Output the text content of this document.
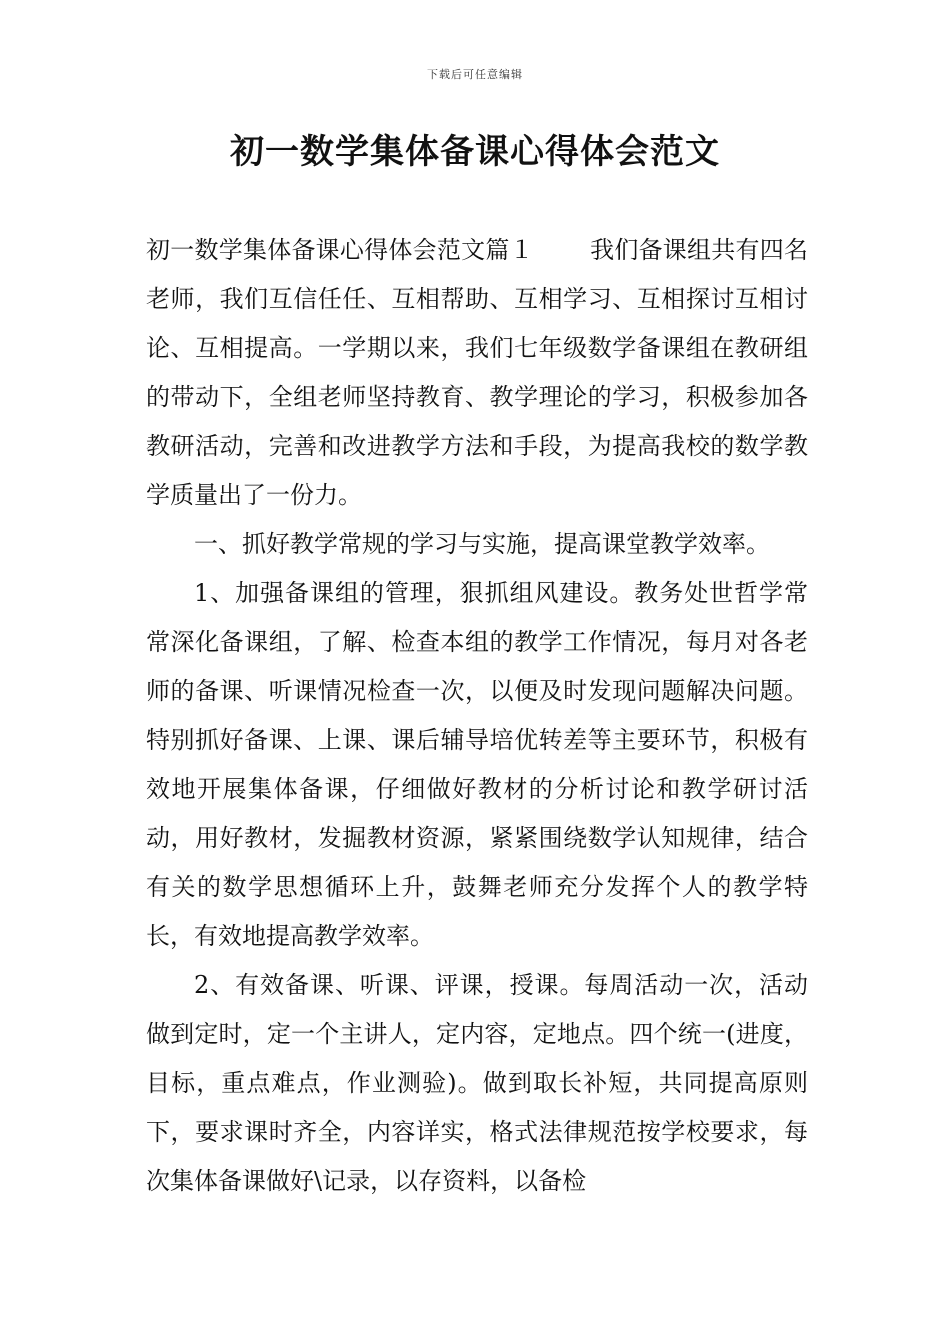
下载后可任意编辑
初一数学集体备课心得体会范文

初一数学集体备课心得体会范文篇１ 我们备课组共有四名老师，我们互信任任、互相帮助、互相学习、互相探讨互相讨论、互相提高。一学期以来，我们七年级数学备课组在教研组的带动下，全组老师坚持教育、教学理论的学习，积极参加各教研活动，完善和改进教学方法和手段，为提高我校的数学教学质量出了一份力。

一、抓好教学常规的学习与实施，提高课堂教学效率。

1、加强备课组的管理，狠抓组风建设。教务处世哲学常常深化备课组，了解、检查本组的教学工作情况，每月对各老师的备课、听课情况检查一次，以便及时发现问题解决问题。特别抓好备课、上课、课后辅导培优转差等主要环节，积极有效地开展集体备课，仔细做好教材的分析讨论和教学研讨活动，用好教材，发掘教材资源，紧紧围绕数学认知规律，结合有关的数学思想循环上升，鼓舞老师充分发挥个人的教学特长，有效地提高教学效率。

2、有效备课、听课、评课，授课。每周活动一次，活动做到定时，定一个主讲人，定内容，定地点。四个统一(进度，目标，重点难点，作业测验)。做到取长补短，共同提高原则下，要求课时齐全，内容详实，格式法律规范按学校要求，每次集体备课做好\记录，以存资料，以备检
